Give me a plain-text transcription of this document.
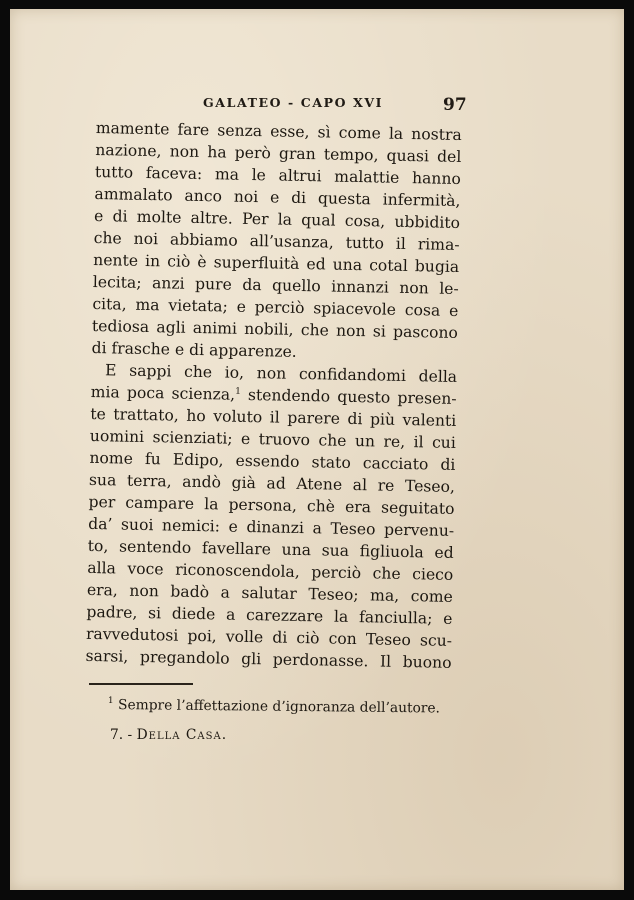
GALATEO - CAPO XVI	97
mamente fare senza esse, sì come la nostra
nazione, non ha però gran tempo, quasi del
tutto faceva: ma le altrui malattie hanno
ammalato anco noi e di questa infermità,
e di molte altre. Per la qual cosa, ubbidito
che noi abbiamo all’usanza, tutto il rima-
nente in ciò è superfluità ed una cotal bugia
lecita; anzi pure da quello innanzi non le-
cita, ma vietata; e perciò spiacevole cosa e
tediosa agli animi nobili, che non si pascono
di frasche e di apparenze.
E sappi che io, non confidandomi della
mia poca scienza,$^1$ stendendo questo presen-
te trattato, ho voluto il parere di più valenti
uomini scienziati; e truovo che un re, il cui
nome fu Edipo, essendo stato cacciato di
sua terra, andò già ad Atene al re Teseo,
per campare la persona, chè era seguitato
da’ suoi nemici: e dinanzi a Teseo pervenu-
to, sentendo favellare una sua figliuola ed
alla voce riconoscendola, perciò che cieco
era, non badò a salutar Teseo; ma, come
padre, si diede a carezzare la fanciulla; e
ravvedutosi poi, volle di ciò con Teseo scu-
sarsi, pregandolo gli perdonasse. Il buono
$^1$ Sempre l’affettazione d’ignoranza dell’autore.
7. - Della Casa.
